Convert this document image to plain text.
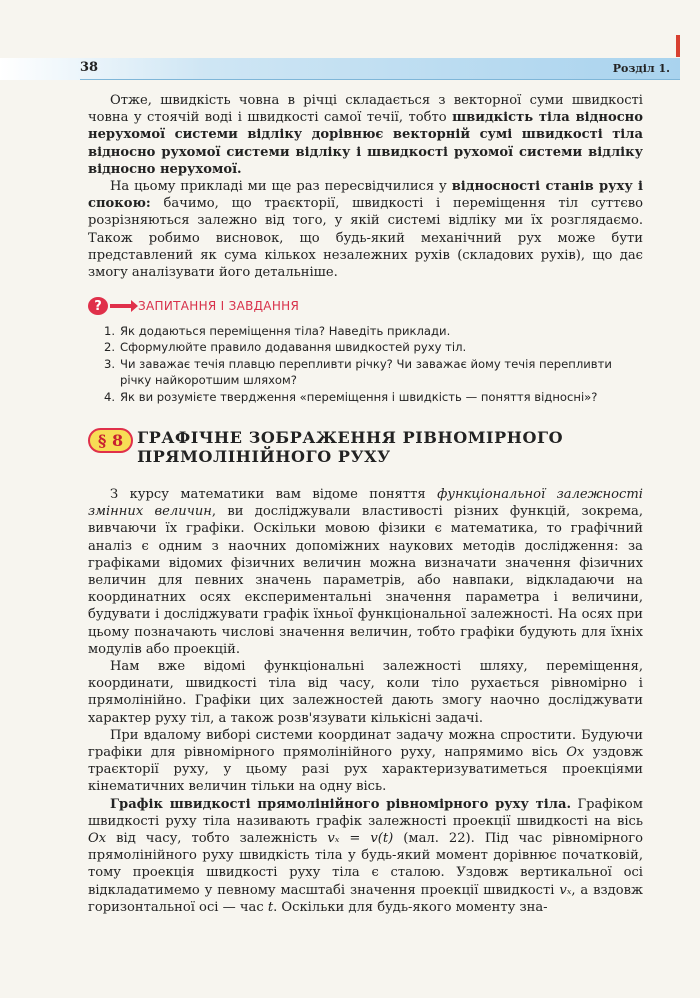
38	Розділ 1.

Отже, швидкість човна в річці складається з векторної суми швидкості човна у стоячій воді і швидкості самої течії, тобто швидкість тіла відносно нерухомої системи відліку дорівнює векторній сумі швидкості тіла відносно рухомої системи відліку і швидкості рухомої системи відліку відносно нерухомої.

На цьому прикладі ми ще раз пересвідчилися у відносності станів руху і спокою: бачимо, що траєкторії, швидкості і переміщення тіл суттєво розрізняються залежно від того, у якій системі відліку ми їх розглядаємо. Також робимо висновок, що будь-який механічний рух може бути представлений як сума кількох незалежних рухів (складових рухів), що дає змогу аналізувати його детальніше.

?	ЗАПИТАННЯ І ЗАВДАННЯ
1. Як додаються переміщення тіла? Наведіть приклади.
2. Сформулюйте правило додавання швидкостей руху тіл.
3. Чи заважає течія плавцю перепливти річку? Чи заважає йому течія перепливти річку найкоротшим шляхом?
4. Як ви розумієте твердження «переміщення і швидкість — поняття відносні»?
§ 8 ГРАФІЧНЕ ЗОБРАЖЕННЯ РІВНОМІРНОГО
ПРЯМОЛІНІЙНОГО РУХУ

З курсу математики вам відоме поняття функціональної залежності змінних величин, ви досліджували властивості різних функцій, зокрема, вивчаючи їх графіки. Оскільки мовою фізики є математика, то графічний аналіз є одним з наочних допоміжних наукових методів дослідження: за графіками відомих фізичних величин можна визначати значення фізичних величин для певних значень параметрів, або навпаки, відкладаючи на координатних осях експериментальні значення параметра і величини, будувати і досліджувати графік їхньої функціональної залежності. На осях при цьому позначають числові значення величин, тобто графіки будують для їхніх модулів або проекцій.

Нам вже відомі функціональні залежності шляху, переміщення, координати, швидкості тіла від часу, коли тіло рухається рівномірно і прямолінійно. Графіки цих залежностей дають змогу наочно досліджувати характер руху тіл, а також розв'язувати кількісні задачі.

При вдалому виборі системи координат задачу можна спростити. Будуючи графіки для рівномірного прямолінійного руху, напрямимо вісь Ox уздовж траєкторії руху, у цьому разі рух характеризуватиметься проекціями кінематичних величин тільки на одну вісь.

Графік швидкості прямолінійного рівномірного руху тіла. Графіком швидкості руху тіла називають графік залежності проекції швидкості на вісь Ox від часу, тобто залежність vₓ = v(t) (мал. 22). Під час рівномірного прямолінійного руху швидкість тіла у будь-який момент дорівнює початковій, тому проекція швидкості руху тіла є сталою. Уздовж вертикальної осі відкладатимемо у певному масштабі значення проекції швидкості vₓ, а вздовж горизонтальної осі — час t. Оскільки для будь-якого моменту зна-
